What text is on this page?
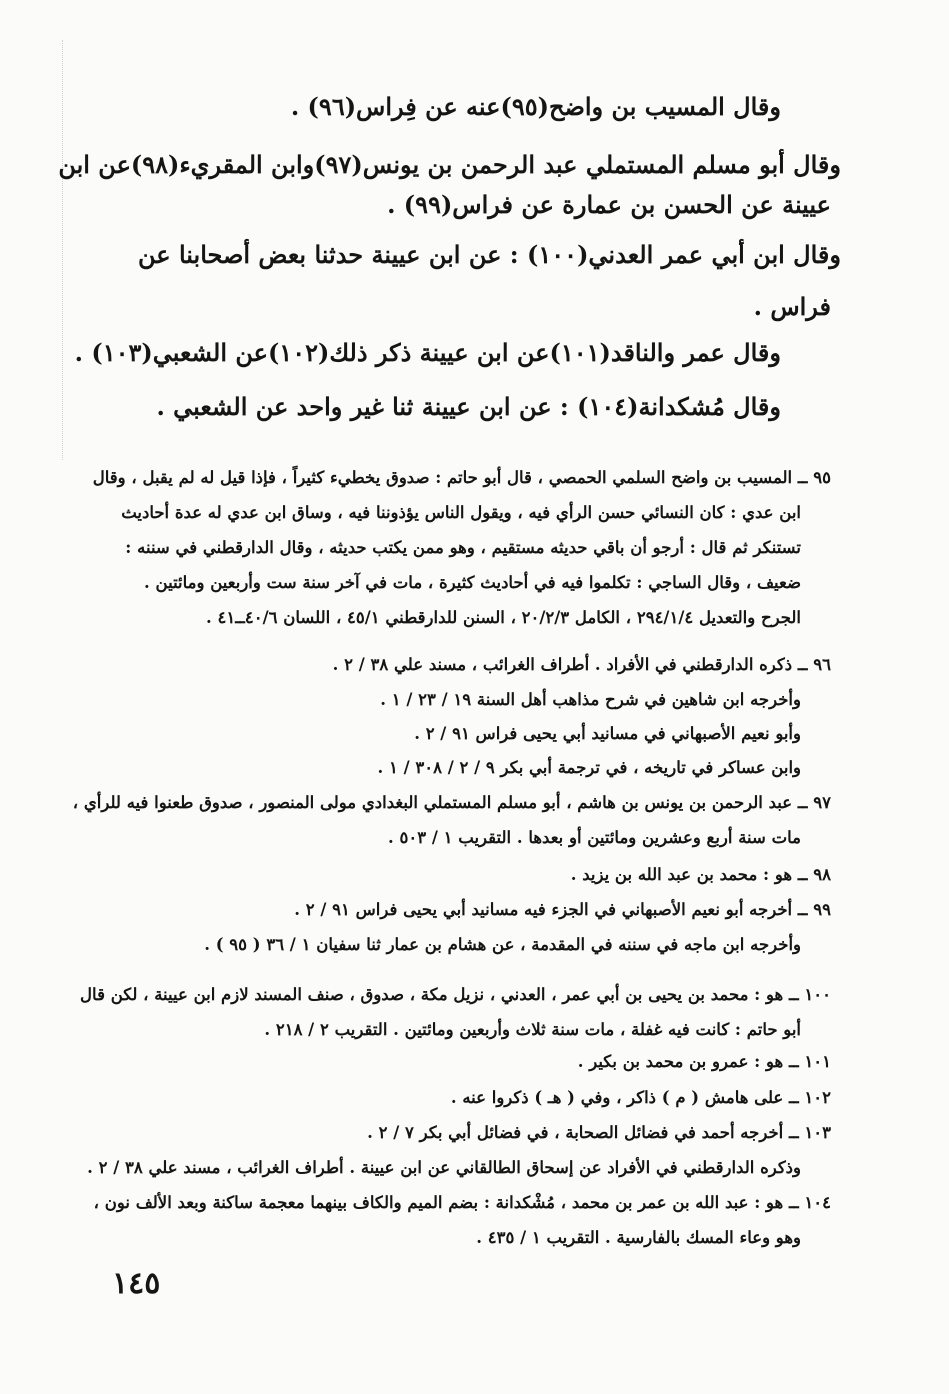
وقال المسيب بن واضح(٩٥)عنه عن فِراس(٩٦) .

وقال أبو مسلم المستملي عبد الرحمن بن يونس(٩٧)وابن المقريء(٩٨)عن ابن

عيينة عن الحسن بن عمارة عن فراس(٩٩) .

وقال ابن أبي عمر العدني(١٠٠) : عن ابن عيينة حدثنا بعض أصحابنا عن

فراس .

وقال عمر والناقد(١٠١)عن ابن عيينة ذكر ذلك(١٠٢)عن الشعبي(١٠٣) .

وقال مُشكدانة(١٠٤) : عن ابن عيينة ثنا غير واحد عن الشعبي .

٩٥ ــ المسيب بن واضح السلمي الحمصي ، قال أبو حاتم : صدوق يخطيء كثيراً ، فإذا قيل له لم يقبل ، وقال

ابن عدي : كان النسائي حسن الرأي فيه ، ويقول الناس يؤذوننا فيه ، وساق ابن عدي له عدة أحاديث

تستنكر ثم قال : أرجو أن باقي حديثه مستقيم ، وهو ممن يكتب حديثه ، وقال الدارقطني في سننه :

ضعيف ، وقال الساجي : تكلموا فيه في أحاديث كثيرة ، مات في آخر سنة ست وأربعين ومائتين .

الجرح والتعديل ٢٩٤/١/٤ ، الكامل ٢٠/٢/٣ ، السنن للدارقطني ٤٥/١ ، اللسان ٤٠/٦ــ٤١ .

٩٦ ــ ذكره الدارقطني في الأفراد . أطراف الغرائب ، مسند علي ٣٨ / ٢ .

وأخرجه ابن شاهين في شرح مذاهب أهل السنة ١٩ / ٢٣ / ١ .

وأبو نعيم الأصبهاني في مسانيد أبي يحيى فراس ٩١ / ٢ .

وابن عساكر في تاريخه ، في ترجمة أبي بكر ٩ / ٢ / ٣٠٨ / ١ .

٩٧ ــ عبد الرحمن بن يونس بن هاشم ، أبو مسلم المستملي البغدادي مولى المنصور ، صدوق طعنوا فيه للرأي ،

مات سنة أربع وعشرين ومائتين أو بعدها . التقريب ١ / ٥٠٣ .

٩٨ ــ هو : محمد بن عبد الله بن يزيد .

٩٩ ــ أخرجه أبو نعيم الأصبهاني في الجزء فيه مسانيد أبي يحيى فراس ٩١ / ٢ .

وأخرجه ابن ماجه في سننه في المقدمة ، عن هشام بن عمار ثنا سفيان ١ / ٣٦ ( ٩٥ ) .

١٠٠ ــ هو : محمد بن يحيى بن أبي عمر ، العدني ، نزيل مكة ، صدوق ، صنف المسند لازم ابن عيينة ، لكن قال

أبو حاتم : كانت فيه غفلة ، مات سنة ثلاث وأربعين ومائتين . التقريب ٢ / ٢١٨ .

١٠١ ــ هو : عمرو بن محمد بن بكير .

١٠٢ ــ على هامش ( م ) ذاكر ، وفي ( هـ ) ذكروا عنه .

١٠٣ ــ أخرجه أحمد في فضائل الصحابة ، في فضائل أبي بكر ٧ / ٢ .

وذكره الدارقطني في الأفراد عن إسحاق الطالقاني عن ابن عيينة . أطراف الغرائب ، مسند علي ٣٨ / ٢ .

١٠٤ ــ هو : عبد الله بن عمر بن محمد ، مُشْكدانة : بضم الميم والكاف بينهما معجمة ساكنة وبعد الألف نون ،

وهو وعاء المسك بالفارسية . التقريب ١ / ٤٣٥ .

١٤٥
